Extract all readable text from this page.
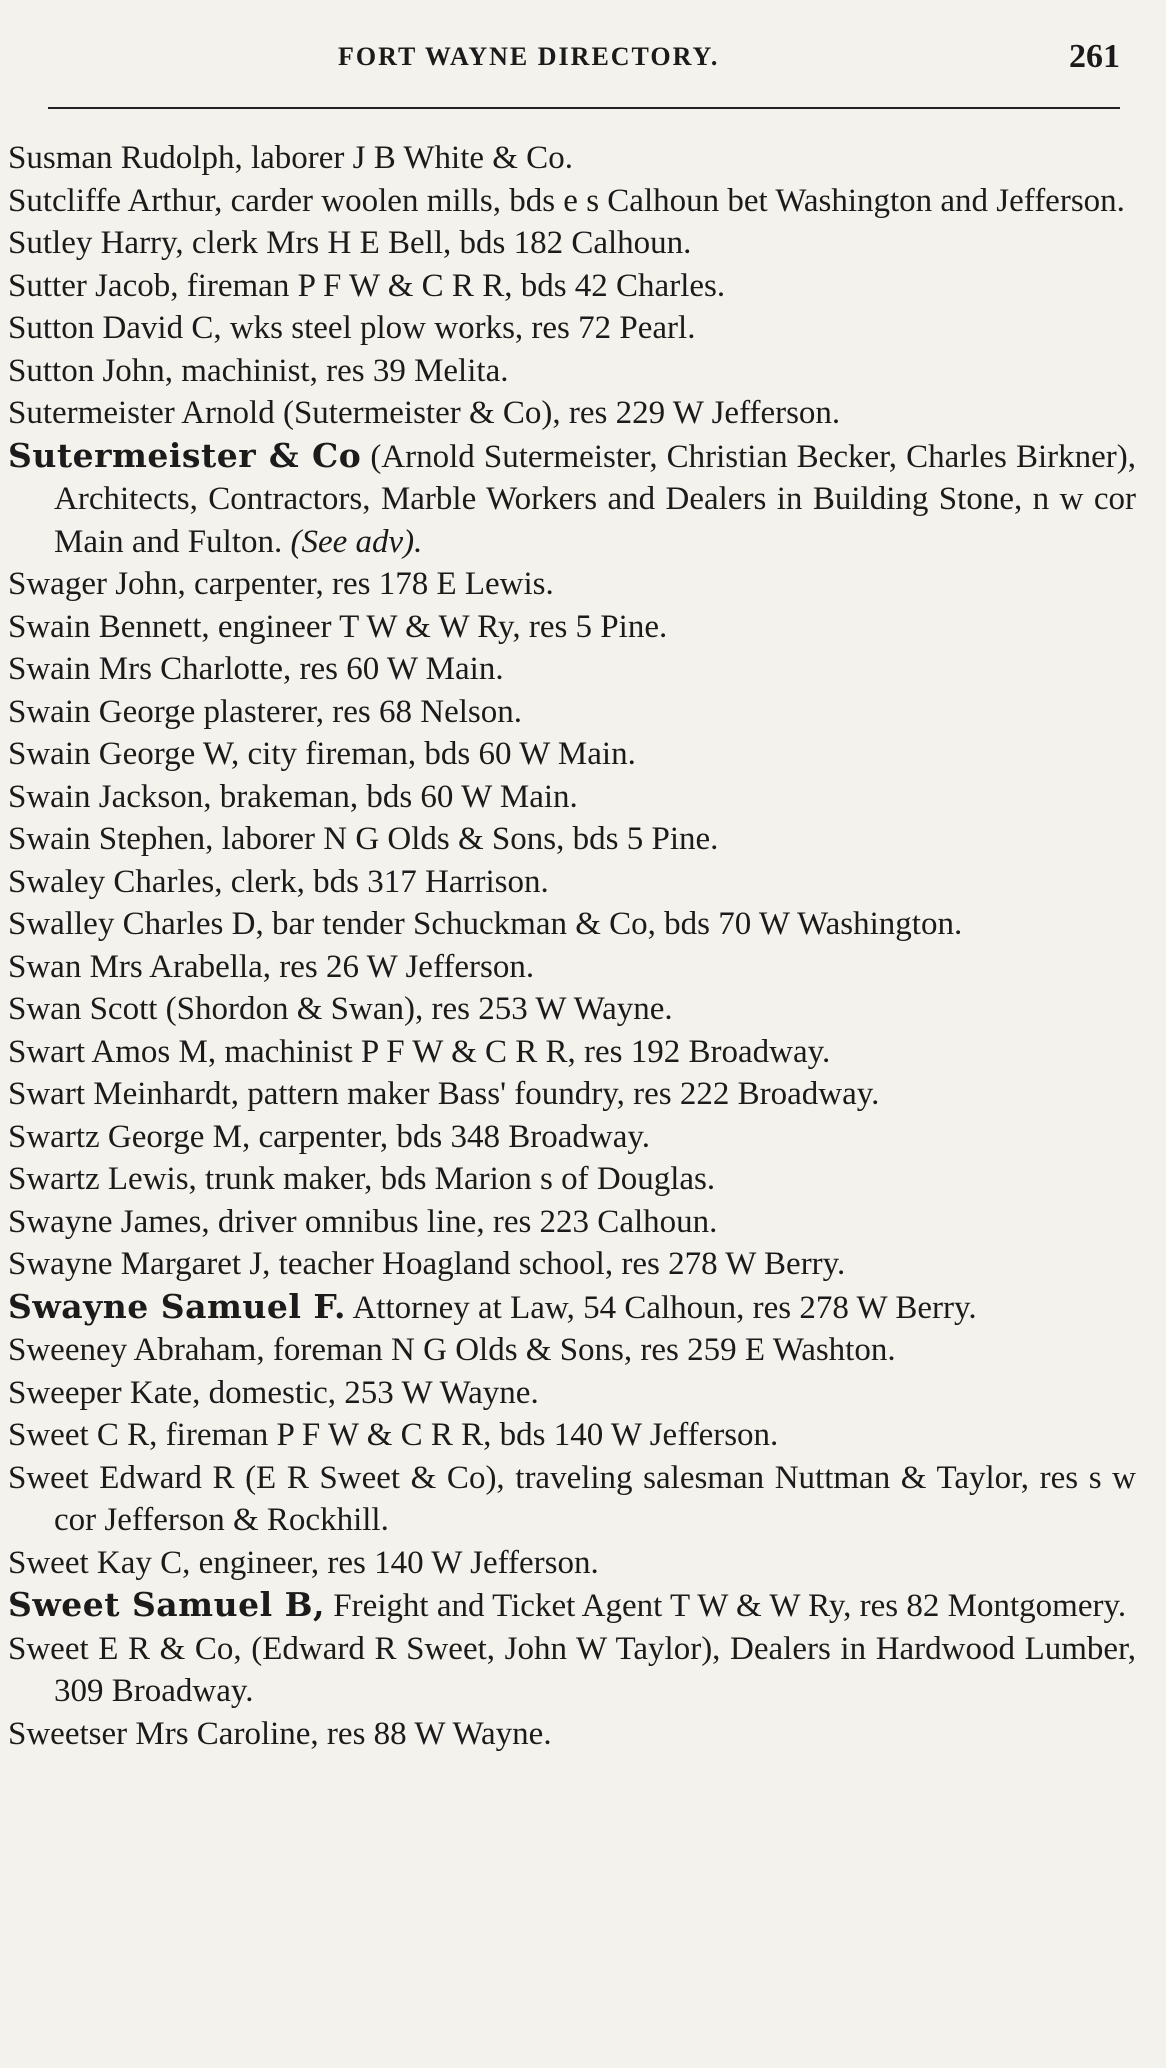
FORT WAYNE DIRECTORY.	261
Susman Rudolph, laborer J B White & Co.
Sutcliffe Arthur, carder woolen mills, bds e s Calhoun bet Washington and Jefferson.
Sutley Harry, clerk Mrs H E Bell, bds 182 Calhoun.
Sutter Jacob, fireman P F W & C R R, bds 42 Charles.
Sutton David C, wks steel plow works, res 72 Pearl.
Sutton John, machinist, res 39 Melita.
Sutermeister Arnold (Sutermeister & Co), res 229 W Jefferson.
Sutermeister & Co (Arnold Sutermeister, Christian Becker, Charles Birkner), Architects, Contractors, Marble Workers and Dealers in Building Stone, n w cor Main and Fulton. (See adv).
Swager John, carpenter, res 178 E Lewis.
Swain Bennett, engineer T W & W Ry, res 5 Pine.
Swain Mrs Charlotte, res 60 W Main.
Swain George plasterer, res 68 Nelson.
Swain George W, city fireman, bds 60 W Main.
Swain Jackson, brakeman, bds 60 W Main.
Swain Stephen, laborer N G Olds & Sons, bds 5 Pine.
Swaley Charles, clerk, bds 317 Harrison.
Swalley Charles D, bar tender Schuckman & Co, bds 70 W Washington.
Swan Mrs Arabella, res 26 W Jefferson.
Swan Scott (Shordon & Swan), res 253 W Wayne.
Swart Amos M, machinist P F W & C R R, res 192 Broadway.
Swart Meinhardt, pattern maker Bass' foundry, res 222 Broadway.
Swartz George M, carpenter, bds 348 Broadway.
Swartz Lewis, trunk maker, bds Marion s of Douglas.
Swayne James, driver omnibus line, res 223 Calhoun.
Swayne Margaret J, teacher Hoagland school, res 278 W Berry.
Swayne Samuel F. Attorney at Law, 54 Calhoun, res 278 W Berry.
Sweeney Abraham, foreman N G Olds & Sons, res 259 E Washton.
Sweeper Kate, domestic, 253 W Wayne.
Sweet C R, fireman P F W & C R R, bds 140 W Jefferson.
Sweet Edward R (E R Sweet & Co), traveling salesman Nuttman & Taylor, res s w cor Jefferson & Rockhill.
Sweet Kay C, engineer, res 140 W Jefferson.
Sweet Samuel B, Freight and Ticket Agent T W & W Ry, res 82 Montgomery.
Sweet E R & Co, (Edward R Sweet, John W Taylor), Dealers in Hardwood Lumber, 309 Broadway.
Sweetser Mrs Caroline, res 88 W Wayne.
